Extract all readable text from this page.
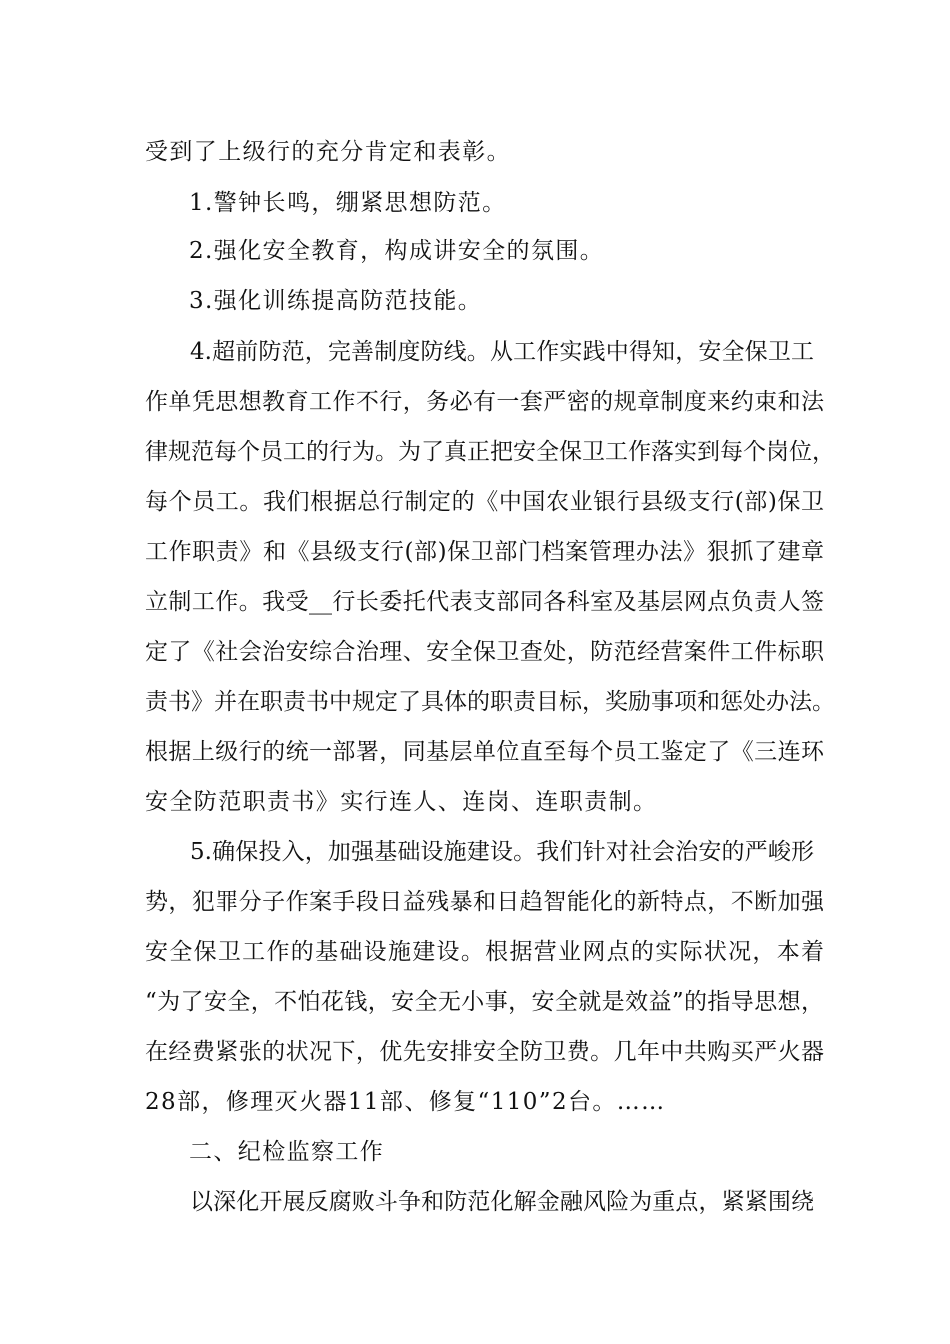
受到了上级行的充分肯定和表彰。
1.警钟长鸣，绷紧思想防范。
2.强化安全教育，构成讲安全的氛围。
3.强化训练提高防范技能。
4.超前防范，完善制度防线。从工作实践中得知，安全保卫工
作单凭思想教育工作不行，务必有一套严密的规章制度来约束和法
律规范每个员工的行为。为了真正把安全保卫工作落实到每个岗位，
每个员工。我们根据总行制定的《中国农业银行县级支行(部)保卫
工作职责》和《县级支行(部)保卫部门档案管理办法》狠抓了建章
立制工作。我受__行长委托代表支部同各科室及基层网点负责人签
定了《社会治安综合治理、安全保卫查处，防范经营案件工件标职
责书》并在职责书中规定了具体的职责目标，奖励事项和惩处办法。
根据上级行的统一部署，同基层单位直至每个员工鉴定了《三连环
安全防范职责书》实行连人、连岗、连职责制。
5.确保投入，加强基础设施建设。我们针对社会治安的严峻形
势，犯罪分子作案手段日益残暴和日趋智能化的新特点，不断加强
安全保卫工作的基础设施建设。根据营业网点的实际状况，本着
“为了安全，不怕花钱，安全无小事，安全就是效益”的指导思想，
在经费紧张的状况下，优先安排安全防卫费。几年中共购买严火器
28部，修理灭火器11部、修复“110”2台。……
二、纪检监察工作
以深化开展反腐败斗争和防范化解金融风险为重点，紧紧围绕
